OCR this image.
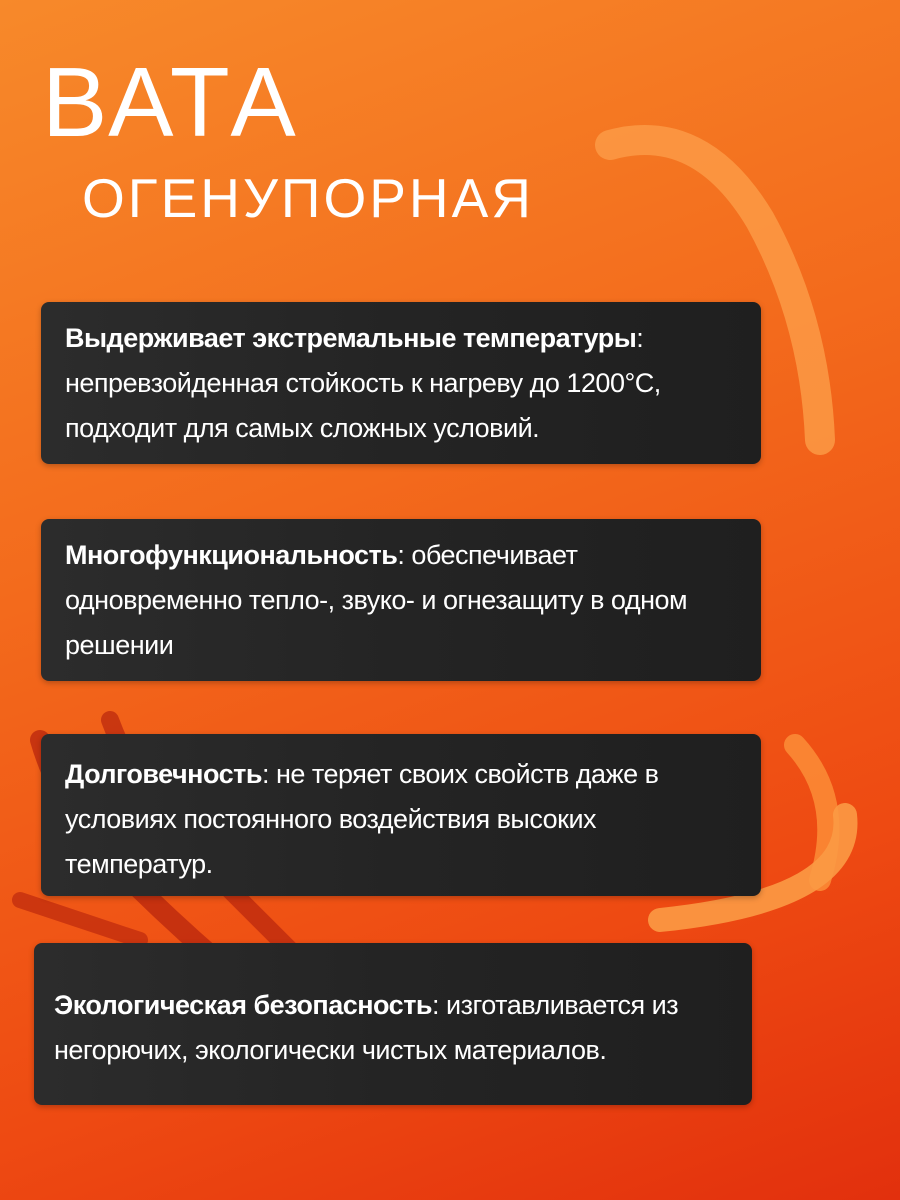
ВАТА
ОГЕНУПОРНАЯ
Выдерживает экстремальные температуры: непревзойденная стойкость к нагреву до 1200°С, подходит для самых сложных условий.
Многофункциональность: обеспечивает одновременно тепло-, звуко- и огнезащиту в одном решении
Долговечность: не теряет своих свойств даже в условиях постоянного воздействия высоких температур.
Экологическая безопасность: изготавливается из негорючих, экологически чистых материалов.
